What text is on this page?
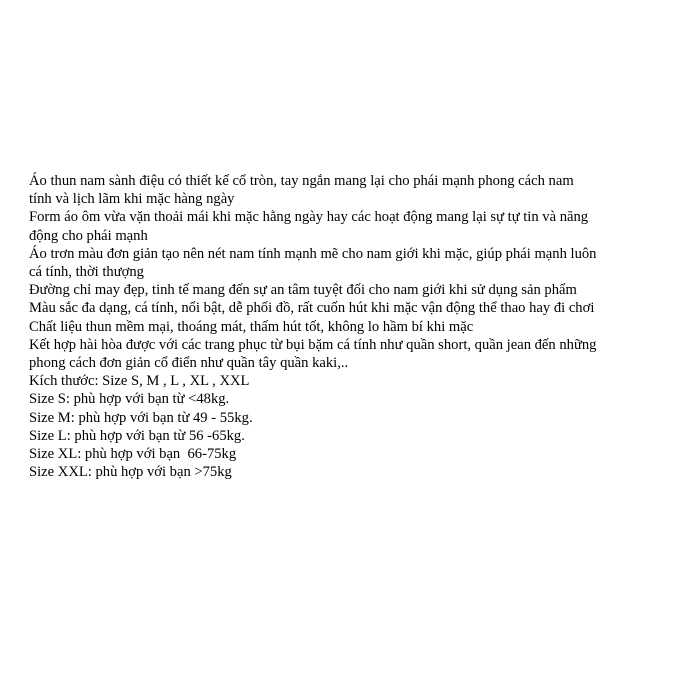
Áo thun nam sành điệu có thiết kế cổ tròn, tay ngắn mang lại cho phái mạnh phong cách nam
tính và lịch lãm khi mặc hàng ngày

Form áo ôm vừa vặn thoải mái khi mặc hằng ngày hay các hoạt động mang lại sự tự tin và năng
động cho phái mạnh

Áo trơn màu đơn giản tạo nên nét nam tính mạnh mẽ cho nam giới khi mặc, giúp phái mạnh luôn
cá tính, thời thượng

Đường chỉ may đẹp, tinh tế mang đến sự an tâm tuyệt đối cho nam giới khi sử dụng sản phẩm

Màu sắc đa dạng, cá tính, nổi bật, dễ phối đồ, rất cuốn hút khi mặc vận động thể thao hay đi chơi

Chất liệu thun mềm mại, thoáng mát, thấm hút tốt, không lo hầm bí khi mặc

Kết hợp hài hòa được với các trang phục từ bụi bặm cá tính như quần short, quần jean đến những
phong cách đơn giản cổ điển như quần tây quần kaki,..

Kích thước: Size S, M , L , XL , XXL

Size S: phù hợp với bạn từ <48kg.

Size M: phù hợp với bạn từ 49 - 55kg.

Size L: phù hợp với bạn từ 56 -65kg.

Size XL: phù hợp với bạn  66-75kg

Size XXL: phù hợp với bạn >75kg
